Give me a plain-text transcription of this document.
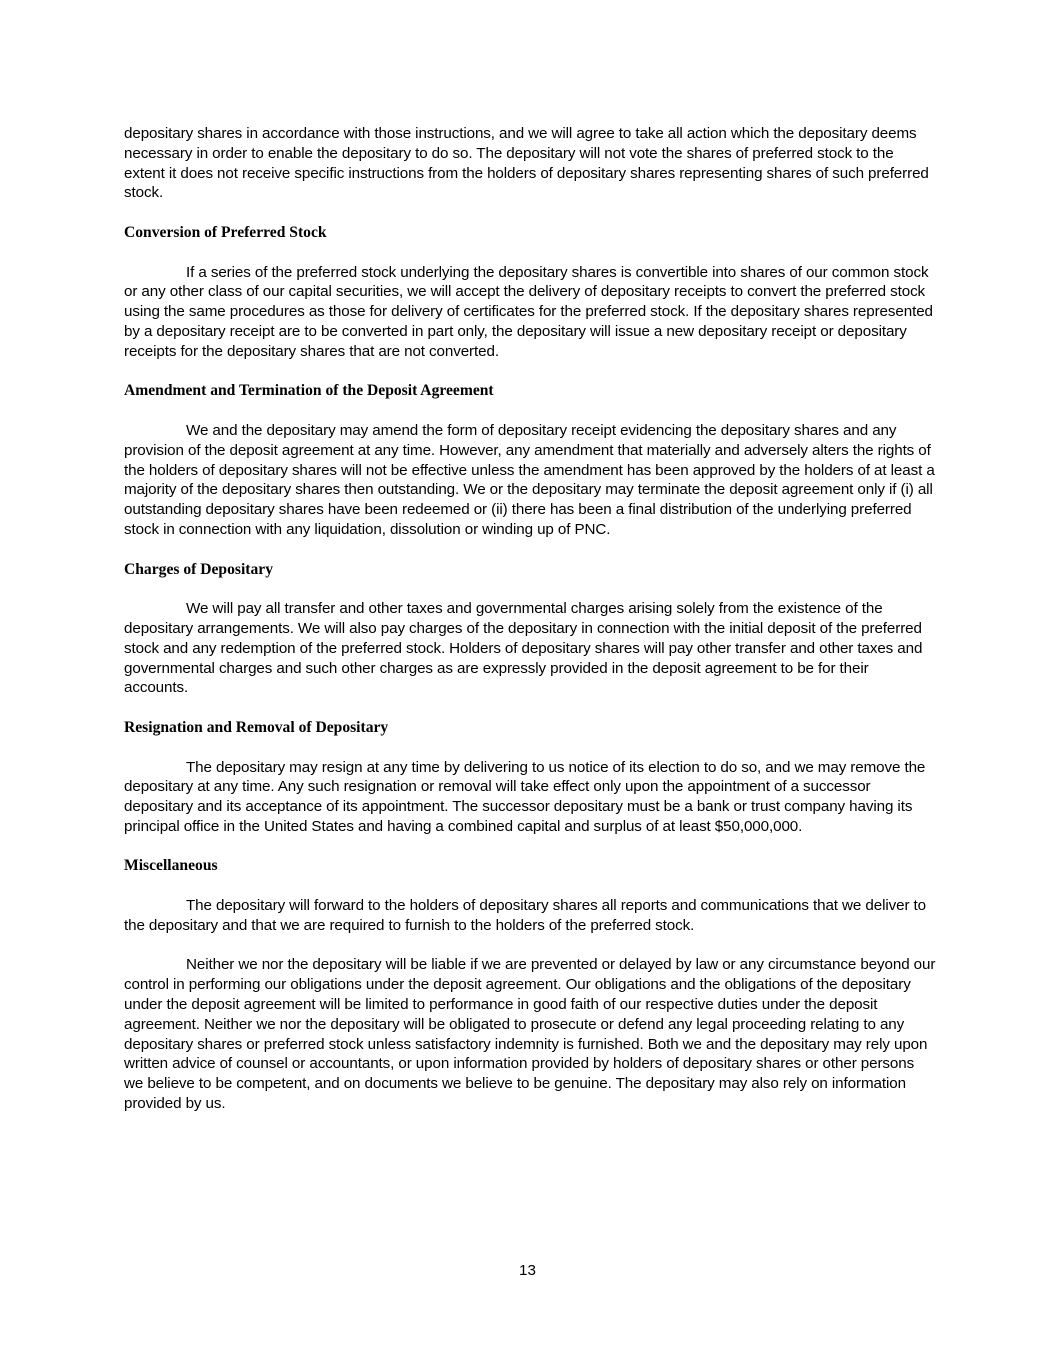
depositary shares in accordance with those instructions, and we will agree to take all action which the depositary deems necessary in order to enable the depositary to do so. The depositary will not vote the shares of preferred stock to the extent it does not receive specific instructions from the holders of depositary shares representing shares of such preferred stock.

Conversion of Preferred Stock

If a series of the preferred stock underlying the depositary shares is convertible into shares of our common stock or any other class of our capital securities, we will accept the delivery of depositary receipts to convert the preferred stock using the same procedures as those for delivery of certificates for the preferred stock. If the depositary shares represented by a depositary receipt are to be converted in part only, the depositary will issue a new depositary receipt or depositary receipts for the depositary shares that are not converted.

Amendment and Termination of the Deposit Agreement

We and the depositary may amend the form of depositary receipt evidencing the depositary shares and any provision of the deposit agreement at any time. However, any amendment that materially and adversely alters the rights of the holders of depositary shares will not be effective unless the amendment has been approved by the holders of at least a majority of the depositary shares then outstanding. We or the depositary may terminate the deposit agreement only if (i) all outstanding depositary shares have been redeemed or (ii) there has been a final distribution of the underlying preferred stock in connection with any liquidation, dissolution or winding up of PNC.

Charges of Depositary

We will pay all transfer and other taxes and governmental charges arising solely from the existence of the depositary arrangements. We will also pay charges of the depositary in connection with the initial deposit of the preferred stock and any redemption of the preferred stock. Holders of depositary shares will pay other transfer and other taxes and governmental charges and such other charges as are expressly provided in the deposit agreement to be for their accounts.

Resignation and Removal of Depositary

The depositary may resign at any time by delivering to us notice of its election to do so, and we may remove the depositary at any time. Any such resignation or removal will take effect only upon the appointment of a successor depositary and its acceptance of its appointment. The successor depositary must be a bank or trust company having its principal office in the United States and having a combined capital and surplus of at least $50,000,000.

Miscellaneous

The depositary will forward to the holders of depositary shares all reports and communications that we deliver to the depositary and that we are required to furnish to the holders of the preferred stock.

Neither we nor the depositary will be liable if we are prevented or delayed by law or any circumstance beyond our control in performing our obligations under the deposit agreement. Our obligations and the obligations of the depositary under the deposit agreement will be limited to performance in good faith of our respective duties under the deposit agreement. Neither we nor the depositary will be obligated to prosecute or defend any legal proceeding relating to any depositary shares or preferred stock unless satisfactory indemnity is furnished. Both we and the depositary may rely upon written advice of counsel or accountants, or upon information provided by holders of depositary shares or other persons we believe to be competent, and on documents we believe to be genuine. The depositary may also rely on information provided by us.

13
